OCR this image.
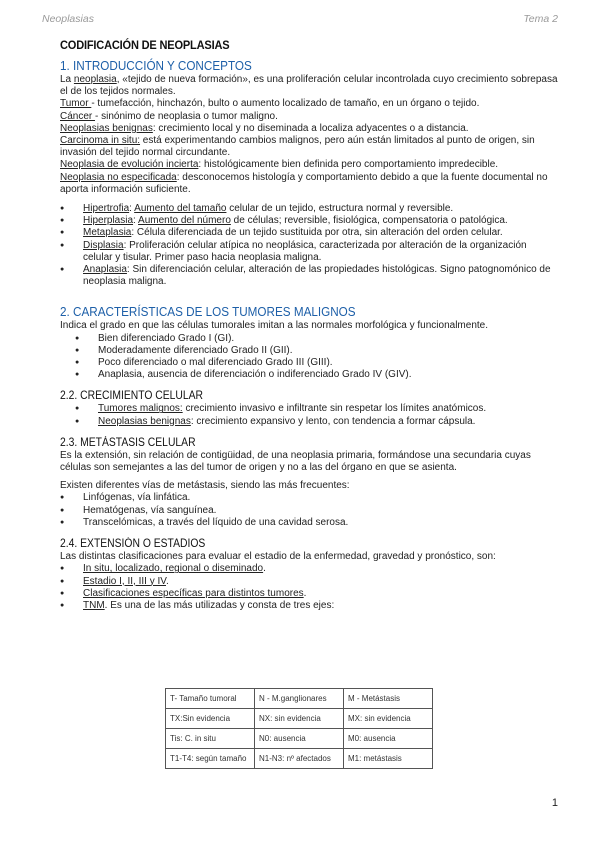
Neoplasias	Tema 2
CODIFICACIÓN DE NEOPLASIAS
1. INTRODUCCIÓN Y CONCEPTOS

La neoplasia, «tejido de nueva formación», es una proliferación celular incontrolada cuyo crecimiento sobrepasa el de los tejidos normales.

Tumor - tumefacción, hinchazón, bulto o aumento localizado de tamaño, en un órgano o tejido.

Cáncer - sinónimo de neoplasia o tumor maligno.

Neoplasias benignas: crecimiento local y no diseminada a localiza adyacentes o a distancia.

Carcinoma in situ: está experimentando cambios malignos, pero aún están limitados al punto de origen, sin invasión del tejido normal circundante.

Neoplasia de evolución incierta: histológicamente bien definida pero comportamiento impredecible.

Neoplasia no especificada: desconocemos histología y comportamiento debido a que la fuente documental no aporta información suficiente.

● Hipertrofia: Aumento del tamaño celular de un tejido, estructura normal y reversible.
● Hiperplasia: Aumento del número de células; reversible, fisiológica, compensatoria o patológica.
● Metaplasia: Célula diferenciada de un tejido sustituida por otra, sin alteración del orden celular.
● Displasia: Proliferación celular atípica no neoplásica, caracterizada por alteración de la organización celular y tisular. Primer paso hacia neoplasia maligna.
● Anaplasia: Sin diferenciación celular, alteración de las propiedades histológicas. Signo patognomónico de neoplasia maligna.
2. CARACTERÍSTICAS DE LOS TUMORES MALIGNOS

Indica el grado en que las células tumorales imitan a las normales morfológica y funcionalmente.

● Bien diferenciado Grado I (GI).
● Moderadamente diferenciado Grado II (GII).
● Poco diferenciado o mal diferenciado Grado III (GIII).
● Anaplasia, ausencia de diferenciación o indiferenciado Grado IV (GIV).
2.2. CRECIMIENTO CELULAR
● Tumores malignos: crecimiento invasivo e infiltrante sin respetar los límites anatómicos.
● Neoplasias benignas: crecimiento expansivo y lento, con tendencia a formar cápsula.
2.3. METÁSTASIS CELULAR

Es la extensión, sin relación de contigüidad, de una neoplasia primaria, formándose una secundaria cuyas células son semejantes a las del tumor de origen y no a las del órgano en que se asienta.

Existen diferentes vías de metástasis, siendo las más frecuentes:

● Linfógenas, vía linfática.
● Hematógenas, vía sanguínea.
● Transcelómicas, a través del líquido de una cavidad serosa.
2.4. EXTENSIÓN O ESTADIOS

Las distintas clasificaciones para evaluar el estadio de la enfermedad, gravedad y pronóstico, son:

● In situ, localizado, regional o diseminado.
● Estadio I, II, III y IV.
● Clasificaciones específicas para distintos tumores.
● TNM. Es una de las más utilizadas y consta de tres ejes:
T- Tamaño tumoral	N - M.ganglionares	M - Metástasis
TX:Sin evidencia	NX: sin evidencia	MX: sin evidencia
Tis: C. in situ	N0: ausencia	M0: ausencia
T1-T4: según tamaño	N1-N3: nº afectados	M1: metástasis
1
